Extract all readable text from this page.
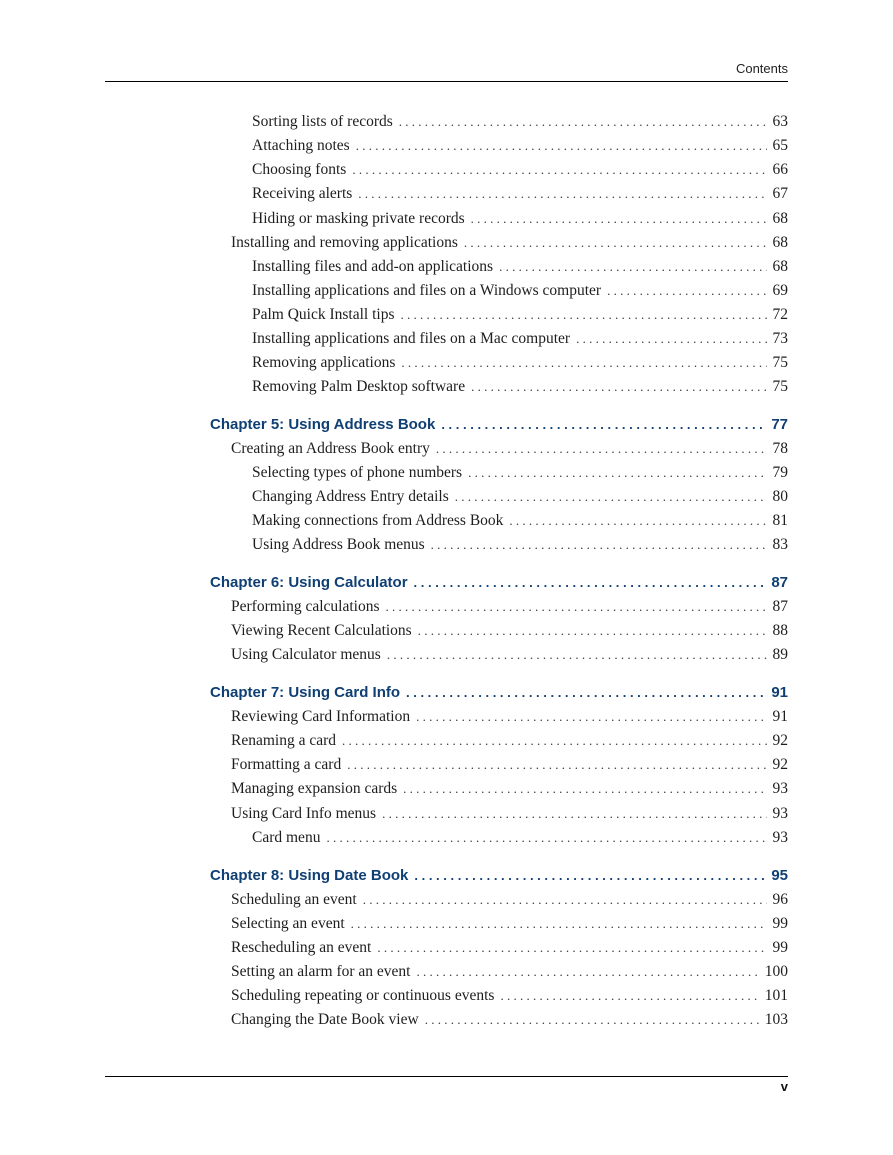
Contents
Sorting lists of records . . .	63
Attaching notes . . .	65
Choosing fonts . . .	66
Receiving alerts . . .	67
Hiding or masking private records . . .	68
Installing and removing applications . . .	68
Installing files and add-on applications . . .	68
Installing applications and files on a Windows computer . . .	69
Palm Quick Install tips . . .	72
Installing applications and files on a Mac computer . . .	73
Removing applications . . .	75
Removing Palm Desktop software . . .	75
Chapter 5: Using Address Book . . .	77
Creating an Address Book entry . . .	78
Selecting types of phone numbers . . .	79
Changing Address Entry details . . .	80
Making connections from Address Book . . .	81
Using Address Book menus . . .	83
Chapter 6: Using Calculator . . .	87
Performing calculations . . .	87
Viewing Recent Calculations . . .	88
Using Calculator menus . . .	89
Chapter 7: Using Card Info . . .	91
Reviewing Card Information . . .	91
Renaming a card . . .	92
Formatting a card . . .	92
Managing expansion cards . . .	93
Using Card Info menus . . .	93
Card menu . . .	93
Chapter 8: Using Date Book . . .	95
Scheduling an event . . .	96
Selecting an event . . .	99
Rescheduling an event . . .	99
Setting an alarm for an event . . .	100
Scheduling repeating or continuous events . . .	101
Changing the Date Book view . . .	103
v
